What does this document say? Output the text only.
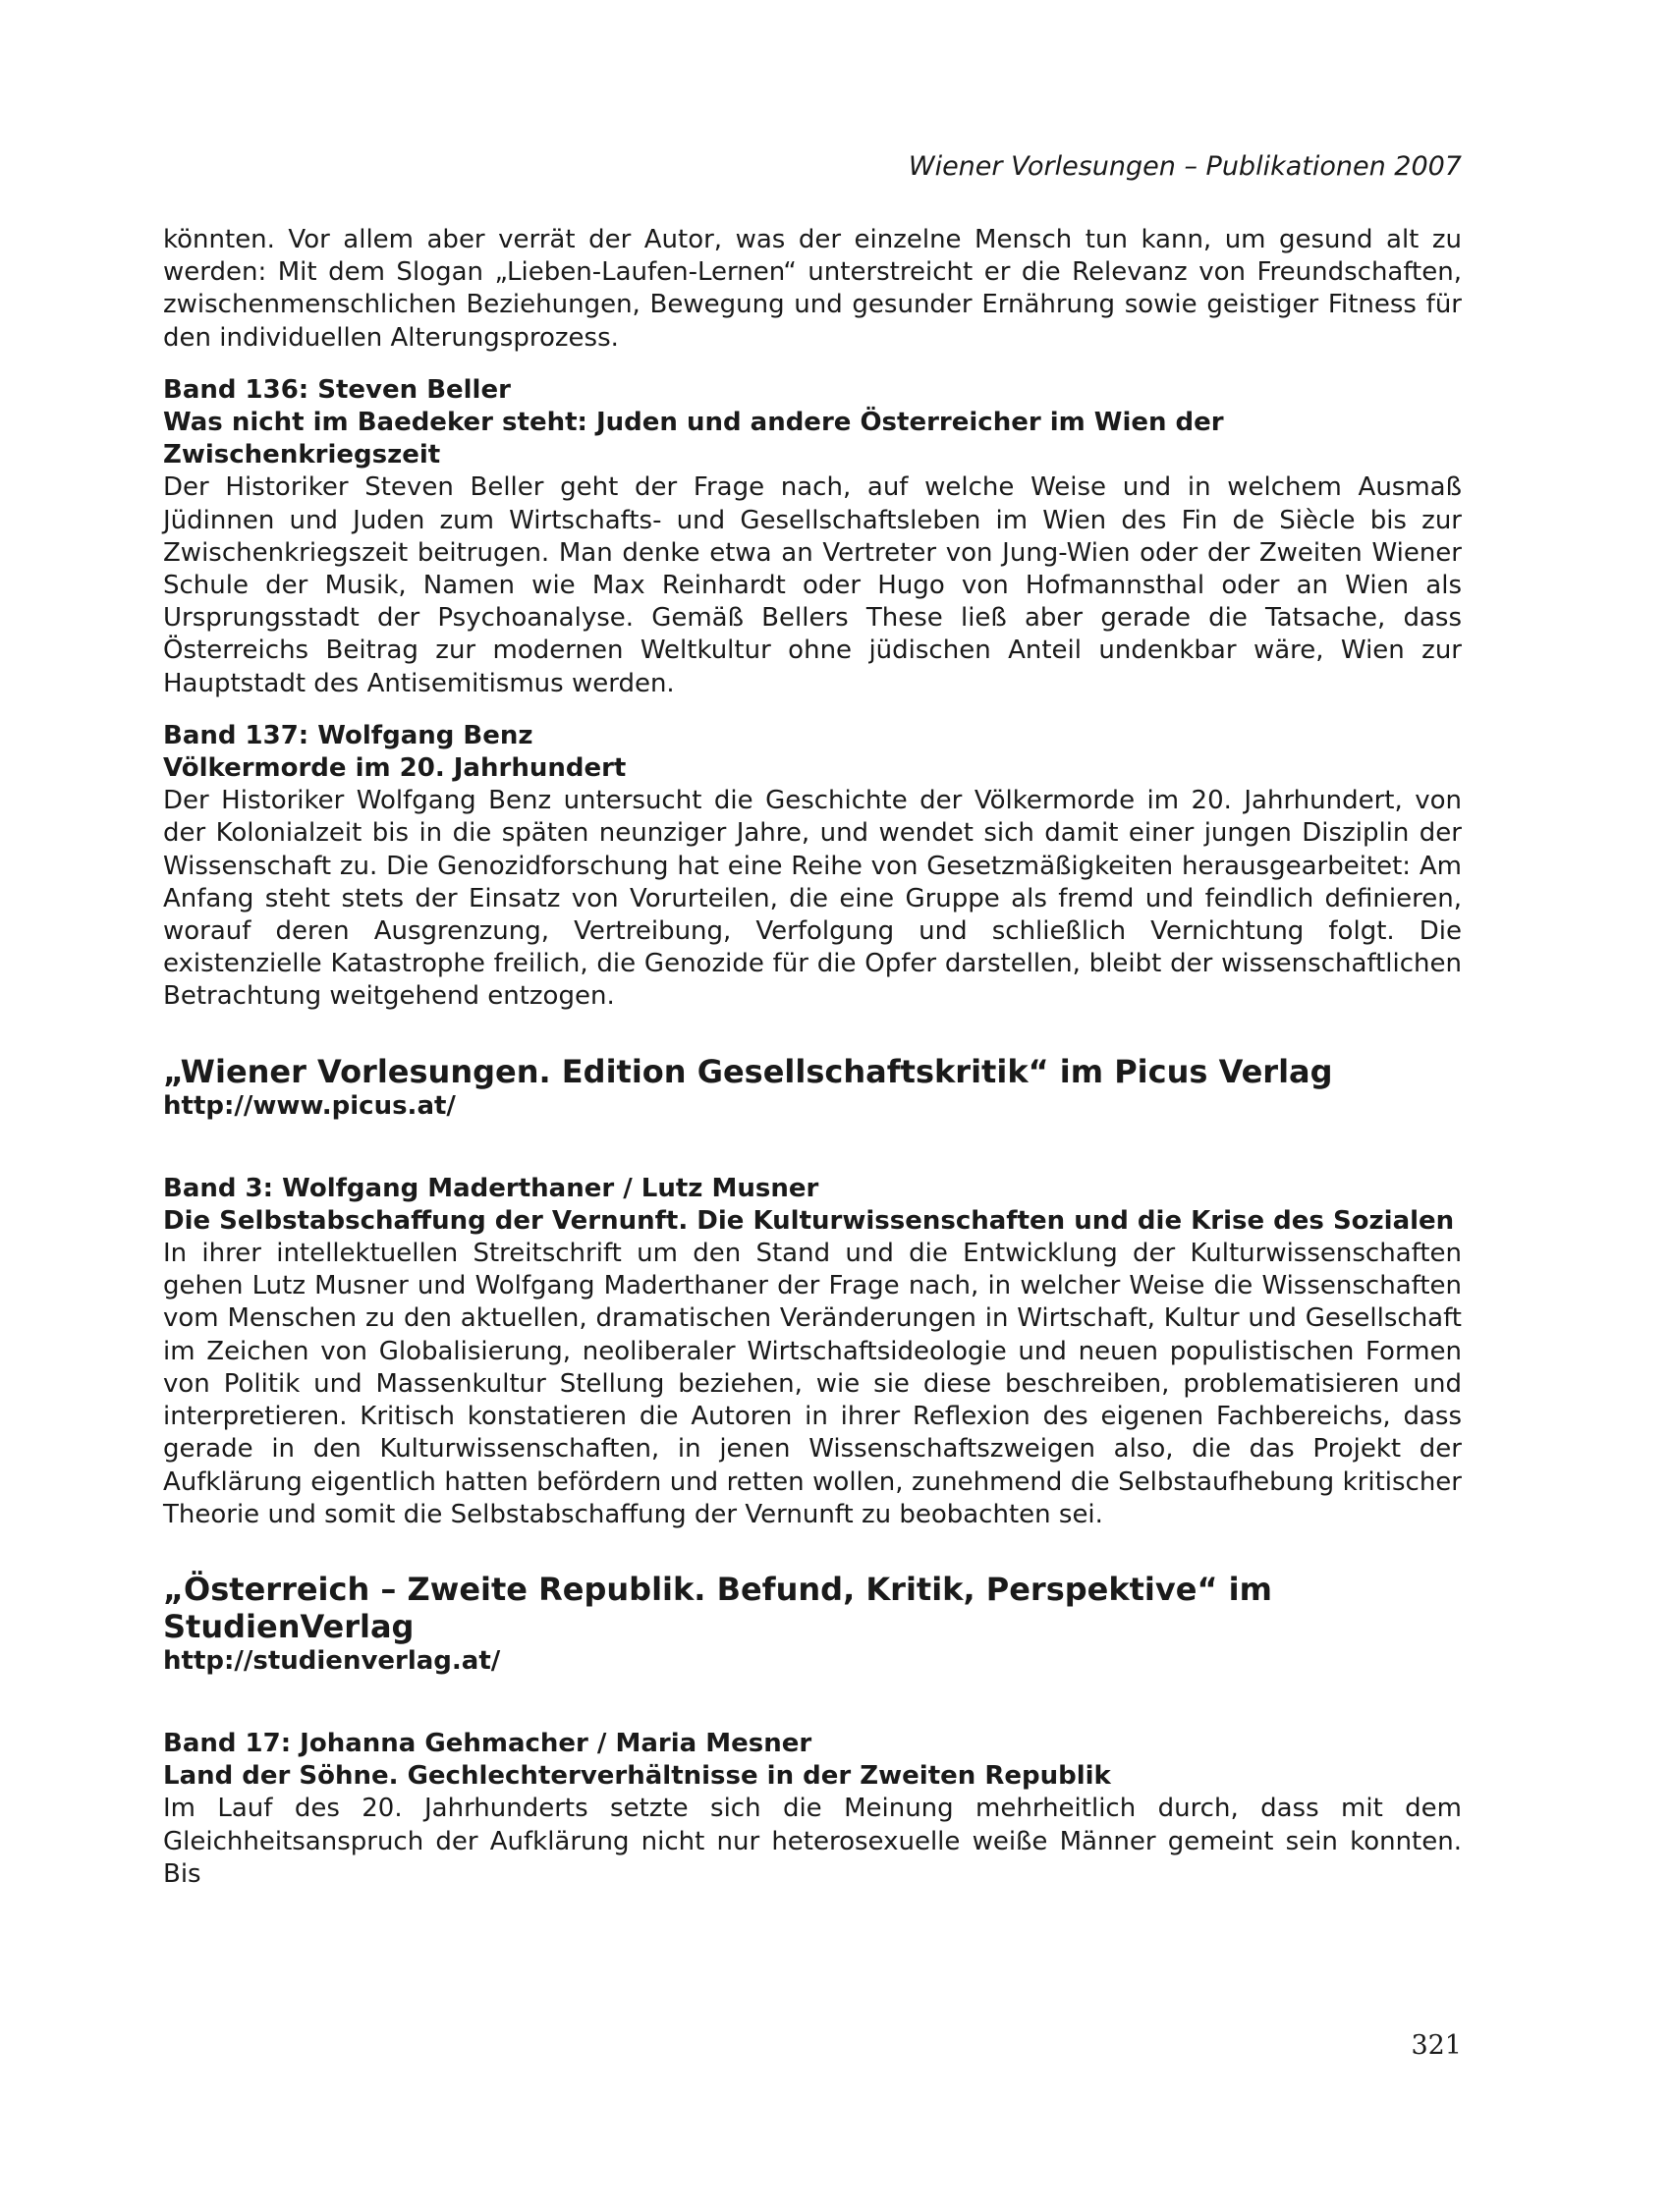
Wiener Vorlesungen – Publikationen 2007

könnten. Vor allem aber verrät der Autor, was der einzelne Mensch tun kann, um gesund alt zu werden: Mit dem Slogan „Lieben-Laufen-Lernen“ unterstreicht er die Relevanz von Freundschaften, zwischenmenschlichen Beziehungen, Bewegung und gesunder Ernährung sowie geistiger Fitness für den individuellen Alterungsprozess.

Band 136: Steven Beller
Was nicht im Baedeker steht: Juden und andere Österreicher im Wien der Zwischenkriegszeit

Der Historiker Steven Beller geht der Frage nach, auf welche Weise und in welchem Ausmaß Jüdinnen und Juden zum Wirtschafts- und Gesellschaftsleben im Wien des Fin de Siècle bis zur Zwischenkriegszeit beitrugen. Man denke etwa an Vertreter von Jung-Wien oder der Zweiten Wiener Schule der Musik, Namen wie Max Reinhardt oder Hugo von Hofmannsthal oder an Wien als Ursprungsstadt der Psychoanalyse. Gemäß Bellers These ließ aber gerade die Tatsache, dass Österreichs Beitrag zur modernen Weltkultur ohne jüdischen Anteil undenkbar wäre, Wien zur Hauptstadt des Antisemitismus werden.

Band 137: Wolfgang Benz
Völkermorde im 20. Jahrhundert

Der Historiker Wolfgang Benz untersucht die Geschichte der Völkermorde im 20. Jahrhundert, von der Kolonialzeit bis in die späten neunziger Jahre, und wendet sich damit einer jungen Disziplin der Wissenschaft zu. Die Genozidforschung hat eine Reihe von Gesetzmäßigkeiten herausgearbeitet: Am Anfang steht stets der Einsatz von Vorurteilen, die eine Gruppe als fremd und feindlich definieren, worauf deren Ausgrenzung, Vertreibung, Verfolgung und schließlich Vernichtung folgt. Die existenzielle Katastrophe freilich, die Genozide für die Opfer darstellen, bleibt der wissenschaftlichen Betrachtung weitgehend entzogen.

„Wiener Vorlesungen. Edition Gesellschaftskritik“ im Picus Verlag
http://www.picus.at/
Band 3: Wolfgang Maderthaner / Lutz Musner
Die Selbstabschaffung der Vernunft. Die Kulturwissenschaften und die Krise des Sozialen

In ihrer intellektuellen Streitschrift um den Stand und die Entwicklung der Kulturwissenschaften gehen Lutz Musner und Wolfgang Maderthaner der Frage nach, in welcher Weise die Wissenschaften vom Menschen zu den aktuellen, dramatischen Veränderungen in Wirtschaft, Kultur und Gesellschaft im Zeichen von Globalisierung, neoliberaler Wirtschaftsideologie und neuen populistischen Formen von Politik und Massenkultur Stellung beziehen, wie sie diese beschreiben, problematisieren und interpretieren. Kritisch konstatieren die Autoren in ihrer Reflexion des eigenen Fachbereichs, dass gerade in den Kulturwissenschaften, in jenen Wissenschaftszweigen also, die das Projekt der Aufklärung eigentlich hatten befördern und retten wollen, zunehmend die Selbstaufhebung kritischer Theorie und somit die Selbstabschaffung der Vernunft zu beobachten sei.

„Österreich – Zweite Republik. Befund, Kritik, Perspektive“ im StudienVerlag
http://studienverlag.at/
Band 17: Johanna Gehmacher / Maria Mesner
Land der Söhne. Gechlechterverhältnisse in der Zweiten Republik

Im Lauf des 20. Jahrhunderts setzte sich die Meinung mehrheitlich durch, dass mit dem Gleichheitsanspruch der Aufklärung nicht nur heterosexuelle weiße Männer gemeint sein konnten. Bis

321
